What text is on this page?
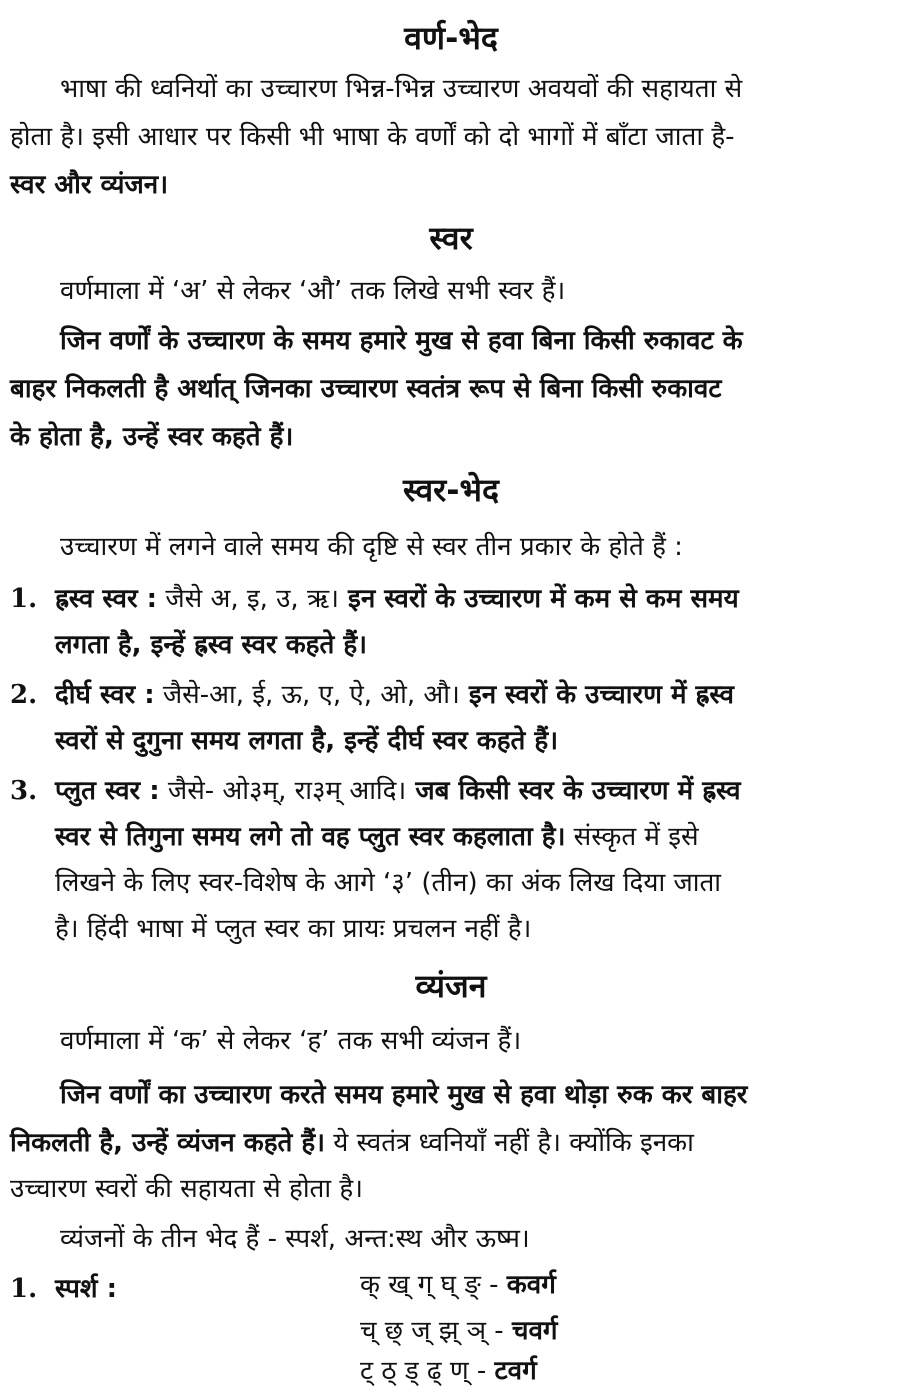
वर्ण-भेद
भाषा की ध्वनियों का उच्चारण भिन्न-भिन्न उच्चारण अवयवों की सहायता से
होता है। इसी आधार पर किसी भी भाषा के वर्णों को दो भागों में बाँटा जाता है-
स्वर और व्यंजन।
स्वर
वर्णमाला में ‘अ’ से लेकर ‘औ’ तक लिखे सभी स्वर हैं।
जिन वर्णों के उच्चारण के समय हमारे मुख से हवा बिना किसी रुकावट के
बाहर निकलती है अर्थात् जिनका उच्चारण स्वतंत्र रूप से बिना किसी रुकावट
के होता है, उन्हें स्वर कहते हैं।
स्वर-भेद
उच्चारण में लगने वाले समय की दृष्टि से स्वर तीन प्रकार के होते हैं :
1. ह्रस्व स्वर : जैसे अ, इ, उ, ऋ। इन स्वरों के उच्चारण में कम से कम समय
लगता है, इन्हें ह्रस्व स्वर कहते हैं।
2. दीर्घ स्वर : जैसे-आ, ई, ऊ, ए, ऐ, ओ, औ। इन स्वरों के उच्चारण में ह्रस्व
स्वरों से दुगुना समय लगता है, इन्हें दीर्घ स्वर कहते हैं।
3. प्लुत स्वर : जैसे- ओ३म्, रा३म् आदि। जब किसी स्वर के उच्चारण में ह्रस्व
स्वर से तिगुना समय लगे तो वह प्लुत स्वर कहलाता है। संस्कृत में इसे
लिखने के लिए स्वर-विशेष के आगे ‘३’ (तीन) का अंक लिख दिया जाता
है। हिंदी भाषा में प्लुत स्वर का प्रायः प्रचलन नहीं है।
व्यंजन
वर्णमाला में ‘क’ से लेकर ‘ह’ तक सभी व्यंजन हैं।
जिन वर्णों का उच्चारण करते समय हमारे मुख से हवा थोड़ा रुक कर बाहर
निकलती है, उन्हें व्यंजन कहते हैं। ये स्वतंत्र ध्वनियाँ नहीं है। क्योंकि इनका
उच्चारण स्वरों की सहायता से होता है।
व्यंजनों के तीन भेद हैं - स्पर्श, अन्त:स्थ और ऊष्म।
1. स्पर्श :	क् ख् ग् घ् ङ् - कवर्ग
च् छ् ज् झ् ञ् - चवर्ग
ट् ठ् ड् ढ् ण् - टवर्ग
